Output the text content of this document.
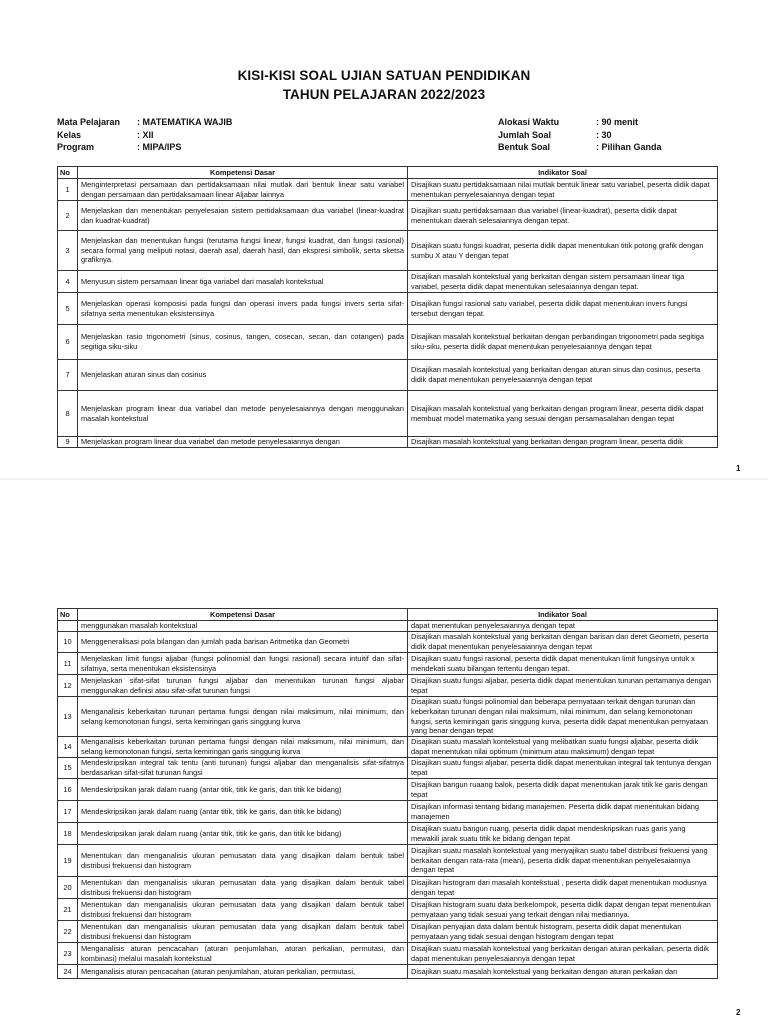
KISI-KISI SOAL UJIAN SATUAN PENDIDIKAN
TAHUN PELAJARAN 2022/2023
Mata Pelajaran : MATEMATIKA WAJIB
Kelas	: XII
Program	: MIPA/IPS
Alokasi Waktu	: 90 menit
Jumlah Soal	: 30
Bentuk Soal	: Pilihan Ganda
No	Kompetensi Dasar	Indikator Soal
1	Menginterpretasi persamaan dan pertidaksamaan nilai mutlak dari bentuk linear satu variabel dengan persamaan dan pertidaksamaan linear Aljabar lainnya	Disajikan suatu pertidaksamaan nilai mutlak bentuk linear satu variabel, peserta didik dapat menentukan penyelesaiannya dengan tepat
2	Menjelaskan dan menentukan penyelesaian sistem pertidaksamaan dua variabel (linear-kuadrat dan kuadrat-kuadrat)	Disajikan suatu pertidaksamaan dua variabel (linear-kuadrat), peserta didik dapat menentukan daerah selesaiannya dengan tepat.
3	Menjelaskan dan menentukan fungsi (terutama fungsi linear, fungsi kuadrat, dan fungsi rasional) secara formal yang meliputi notasi, daerah asal, daerah hasil, dan ekspresi simbolik, serta sketsa grafiknya.	Disajikan suatu fungsi kuadrat, peserta didik dapat menentukan titik potong grafik dengan sumbu X atau Y dengan tepat
4	Menyusun sistem persamaan linear tiga variabel dari masalah kontekstual	Disajikan masalah kontekstual yang berkaitan dengan sistem persamaan linear tiga variabel, peserta didik dapat menentukan selesaiannya dengan tepat.
5	Menjelaskan operasi komposisi pada fungsi dan operasi invers pada fungsi invers serta sifat-sifatnya serta menentukan eksistensinya	Disajikan fungsi rasional satu variabel, peserta didik dapat menentukan invers fungsi tersebut dengan tepat.
6	Menjelaskan rasio trigonometri (sinus, cosinus, tangen, cosecan, secan, dan cotangen) pada segitiga siku-siku	Disajikan masalah kontekstual berkaitan dengan perbandingan trigonometri pada segitiga siku-siku, peserta didik dapat menentukan penyelesaiannya dengan tepat
7	Menjelaskan aturan sinus dan cosinus	Disajikan masalah kontekstual yang berkaitan dengan aturan sinus dan cosinus, peserta didik dapat menentukan penyelesaiannya dengan tepat
8	Menjelaskan program linear dua variabel dan metode penyelesaiannya dengan menggunakan masalah kontekstual	Disajikan masalah kontekstual yang berkaitan dengan program linear, peserta didik dapat membuat model matematika yang sesuai dengan persamasalahan dengan tepat
9	Menjelaskan program linear dua variabel dan metode penyelesaiannya dengan	Disajikan masalah kontekstual yang berkaitan dengan program linear, peserta didik
1
No	Kompetensi Dasar	Indikator Soal
	menggunakan masalah kontekstual	dapat menentukan penyelesaiannya dengan tepat
10	Menggeneralisasi pola bilangan dan jumlah pada barisan Aritmetika dan Geometri	Disajikan masalah kontekstual yang berkaitan dengan barisan dan deret Geometri, peserta didik dapat menentukan penyelesaiannya dengan tepat
11	Menjelaskan limit fungsi aljabar (fungsi polinomial dan fungsi rasional) secara intuitif dan sifat-sifatnya, serta menentukan eksistensinya	Disajikan suatu fungsi rasional, peserta didik dapat menentukan limit fungsinya untuk x mendekati suatu bilangan tertentu dengan tepat.
12	Menjelaskan sifat-sifat turunan fungsi aljabar dan menentukan turunan fungsi aljabar menggunakan definisi atau sifat-sifat turunan fungsi	Disajikan suatu fungsi aljabar, peserta didik dapat menentukan turunan pertamanya dengan tepat
13	Menganalisis keberkaitan turunan pertama fungsi dengan nilai maksimum, nilai minimum, dan selang kemonotonan fungsi, serta kemiringan garis singgung kurva	Disajikan suatu fungsi polinomial dan beberapa pernyataan terkait dengan turunan dan keberkaitan turunan dengan nilai maksimum, nilai minimum, dan selang kemonotonan fungsi, serta kemiringan garis singgung kurva, peserta didik dapat menentukan pernyataan yang benar dengan tepat
14	Menganalisis keberkaitan turunan pertama fungsi dengan nilai maksimum, nilai minimum, dan selang kemonotonan fungsi, serta kemiringan garis singgung kurva	Disajikan suatu masalah kontekstual yang melibatkan suatu fungsi aljabar, peserta didik dapat menentukan nilai optimum (minimum atau maksimum) dengan tepat
15	Mendeskripsikan integral tak tentu (anti turunan) fungsi aljabar dan menganalisis sifat-sifatnya berdasarkan sifat-sifat turunan fungsi	Disajikan suatu fungsi aljabar, peserta didik dapat menentukan integral tak tentunya dengan tepat
16	Mendeskripsikan jarak dalam ruang (antar titik, titik ke garis, dan titik ke bidang)	Disajikan bangun ruaang balok, peserta didik dapat menentukan jarak titik ke garis dengan tepat
17	Mendeskripsikan jarak dalam ruang (antar titik, titik ke garis, dan titik ke bidang)	Disajikan informasi tentang bidang manajemen. Peserta didik dapat menentukan bidang manajemen
18	Mendeskripsikan jarak dalam ruang (antar titik, titik ke garis, dan titik ke bidang)	Disajikan suatu bangun ruang, peserta didik dapat mendeskripsikan ruas garis yang mewakili jarak suatu titik ke bidang dengan tepat
19	Menentukan dan menganalisis ukuran pemusatan data yang disajikan dalam bentuk tabel distribusi frekuensi dan histogram	Disajikan suatu masalah kontekstual yang menyajikan suatu tabel distribusi frekuensi yang berkaitan dengan rata-rata (mean), peserta didik dapat menentukan penyelesaiannya dengan tepat
20	Menentukan dan menganalisis ukuran pemusatan data yang disajikan dalam bentuk tabel distribusi frekuensi dan histogram	Disajikan histogram dari masalah kontekstual , peserta didik dapat menentukan modusnya dengan tepat
21	Menentukan dan menganalisis ukuran pemusatan data yang disajikan dalam bentuk tabel distribusi frekuensi dan histogram	Disajikan histogram suatu data berkelompok, peserta didik dapat dengan tepat menentukan pernyataan yang tidak sesuai yang terkait dengan nilai mediannya.
22	Menentukan dan menganalisis ukuran pemusatan data yang disajikan dalam bentuk tabel distribusi frekuensi dan histogram	Disajikan penyajian data dalam bentuk histogram, peserta didik dapat menentukan pernyataan yang tidak sesuai dengan histogram dengan tepat
23	Menganalisis aturan pencacahan (aturan penjumlahan, aturan perkalian, permutasi, dan kombinasi) melalui masalah kontekstual	Disajikan suatu masalah kontekstual yang berkaitan dengan aturan perkalian, peserta didik dapat menentukan penyelesaiannya dengan tepat
24	Menganalisis aturan pencacahan (aturan penjumlahan, aturan perkalian, permutasi,	Disajikan suatu masalah kontekstual yang berkaitan dengan aturan perkalian dan
2
